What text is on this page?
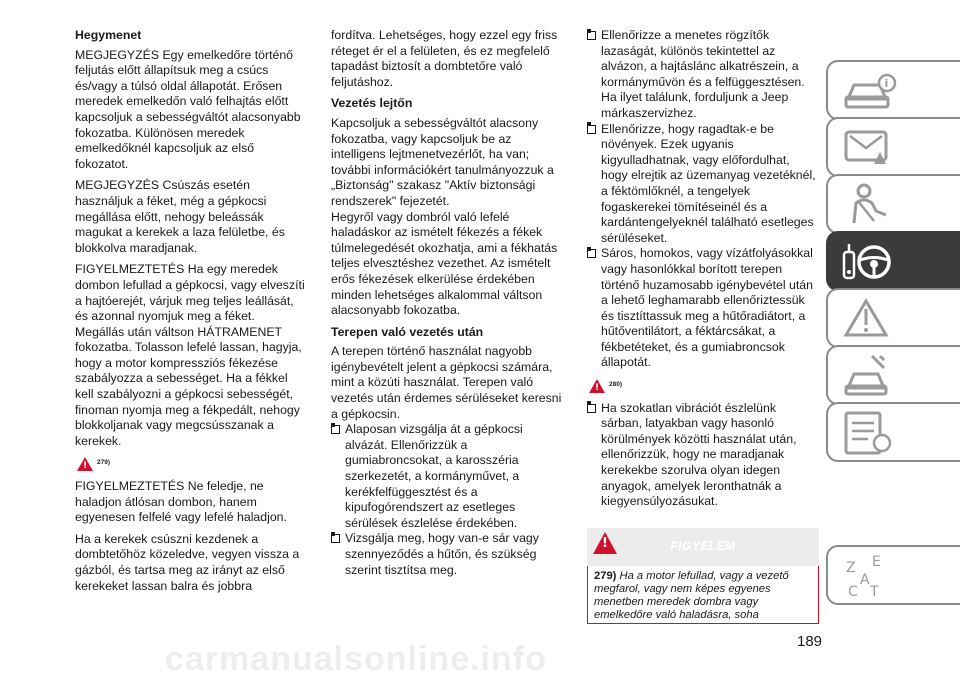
Hegymenet

MEGJEGYZÉS Egy emelkedőre történő feljutás előtt állapítsuk meg a csúcs és/vagy a túlsó oldal állapotát. Erősen meredek emelkedőn való felhajtás előtt kapcsoljuk a sebességváltót alacsonyabb fokozatba. Különösen meredek emelkedőknél kapcsoljuk az első fokozatot.

MEGJEGYZÉS Csúszás esetén használjuk a féket, még a gépkocsi megállása előtt, nehogy beleássák magukat a kerekek a laza felületbe, és blokkolva maradjanak.

FIGYELMEZTETÉS Ha egy meredek dombon lefullad a gépkocsi, vagy elveszíti a hajtóerejét, várjuk meg teljes leállását, és azonnal nyomjuk meg a féket. Megállás után váltson HÁTRAMENET fokozatba. Tolasson lefelé lassan, hagyja, hogy a motor kompressziós fékezése szabályozza a sebességet. Ha a fékkel kell szabályozni a gépkocsi sebességét, finoman nyomja meg a fékpedált, nehogy blokkoljanak vagy megcsússzanak a kerekek.

!
279)

FIGYELMEZTETÉS Ne feledje, ne haladjon átlósan dombon, hanem egyenesen felfelé vagy lefelé haladjon.

Ha a kerekek csúszni kezdenek a dombtetőhöz közeledve, vegyen vissza a gázból, és tartsa meg az irányt az első kerekeket lassan balra és jobbra

fordítva. Lehetséges, hogy ezzel egy friss réteget ér el a felületen, és ez megfelelő tapadást biztosít a dombtetőre való feljutáshoz.

Vezetés lejtőn

Kapcsoljuk a sebességváltót alacsony fokozatba, vagy kapcsoljuk be az intelligens lejtmenetvezérlőt, ha van; további információkért tanulmányozzuk a „Biztonság" szakasz "Aktív biztonsági rendszerek" fejezetét.

Hegyről vagy dombról való lefelé haladáskor az ismételt fékezés a fékek túlmelegedését okozhatja, ami a fékhatás teljes elvesztéshez vezethet. Az ismételt erős fékezések elkerülése érdekében minden lehetséges alkalommal váltson alacsonyabb fokozatba.

Terepen való vezetés után

A terepen történő használat nagyobb igénybevételt jelent a gépkocsi számára, mint a közúti használat. Terepen való vezetés után érdemes sérüléseket keresni a gépkocsin.

Alaposan vizsgálja át a gépkocsi alvázát. Ellenőrizzük a gumiabroncsokat, a karosszéria szerkezetét, a kormányművet, a kerékfelfüggesztést és a kipufogórendszert az esetleges sérülések észlelése érdekében.
Vizsgálja meg, hogy van-e sár vagy szennyeződés a hűtőn, és szükség szerint tisztítsa meg.
Ellenőrizze a menetes rögzítők lazaságát, különös tekintettel az alvázon, a hajtáslánc alkatrészein, a kormányművön és a felfüggesztésen. Ha ilyet találunk, forduljunk a Jeep márkaszervizhez.
Ellenőrizze, hogy ragadtak-e be növények. Ezek ugyanis kigyulladhatnak, vagy előfordulhat, hogy elrejtik az üzemanyag vezetéknél, a féktömlőknél, a tengelyek fogaskerekei tömítéseinél és a kardántengelyeknél található esetleges sérüléseket.
Sáros, homokos, vagy vízátfolyásokkal vagy hasonlókkal borított terepen történő huzamosabb igénybevétel után a lehető leghamarabb ellenőriztessük és tisztíttassuk meg a hűtőradiátort, a hűtőventilátort, a féktárcsákat, a fékbetéteket, és a gumiabroncsok állapotát.
!
280)
Ha szokatlan vibrációt észlelünk sárban, latyakban vagy hasonló körülmények közötti használat után, ellenőrizzük, hogy ne maradjanak kerekekbe szorulva olyan idegen anyagok, amelyek leronthatnák a kiegyensúlyozásukat.
!
FIGYELEM
279) Ha a motor lefullad, vagy a vezető megfarol, vagy nem képes egyenes menetben meredek dombra vagy emelkedőre való haladásra, soha
189
i
Z E
A
C T
carmanualsonline.info
